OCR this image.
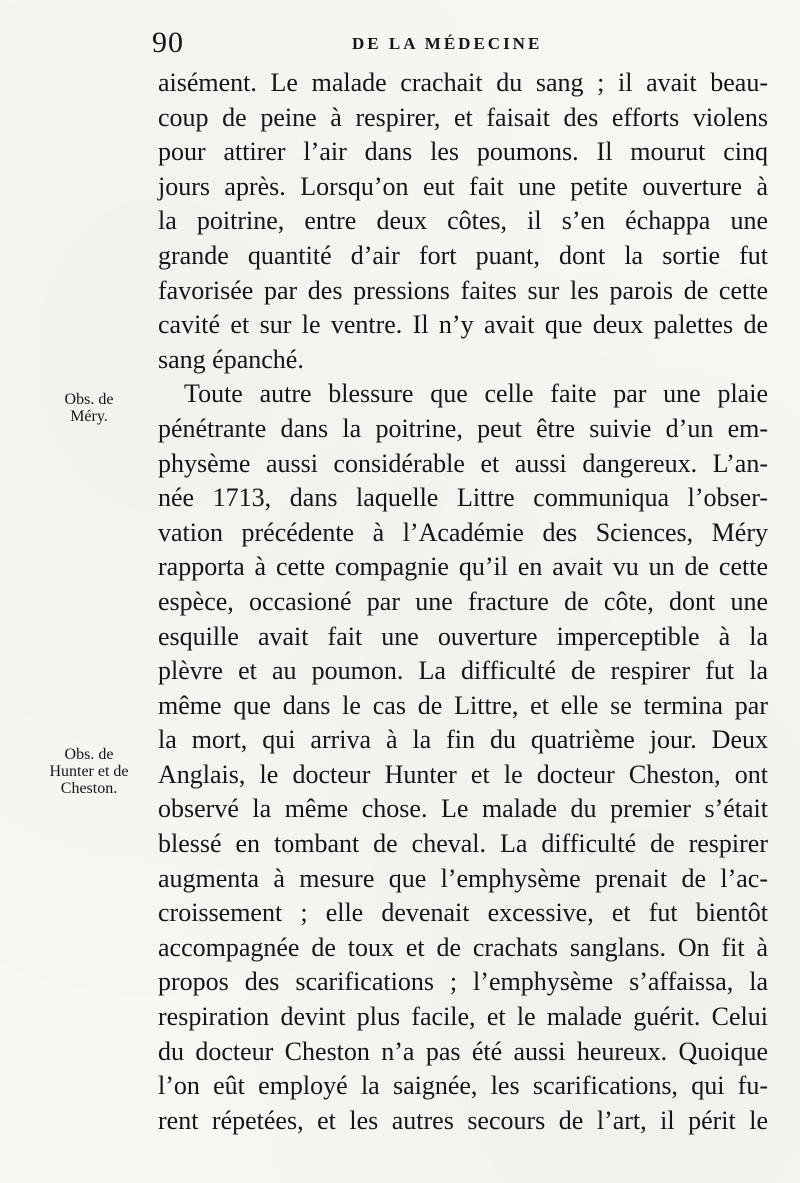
90	DE LA MÉDECINE
Obs. de
Méry.
Obs. de
Hunter et de
Cheston.
aisément. Le malade crachait du sang ; il avait beau-
coup de peine à respirer, et faisait des efforts violens
pour attirer l’air dans les poumons. Il mourut cinq
jours après. Lorsqu’on eut fait une petite ouverture à
la poitrine, entre deux côtes, il s’en échappa une
grande quantité d’air fort puant, dont la sortie fut
favorisée par des pressions faites sur les parois de cette
cavité et sur le ventre. Il n’y avait que deux palettes de
sang épanché.
Toute autre blessure que celle faite par une plaie
pénétrante dans la poitrine, peut être suivie d’un em-
physème aussi considérable et aussi dangereux. L’an-
née 1713, dans laquelle Littre communiqua l’obser-
vation précédente à l’Académie des Sciences, Méry
rapporta à cette compagnie qu’il en avait vu un de cette
espèce, occasioné par une fracture de côte, dont une
esquille avait fait une ouverture imperceptible à la
plèvre et au poumon. La difficulté de respirer fut la
même que dans le cas de Littre, et elle se termina par
la mort, qui arriva à la fin du quatrième jour. Deux
Anglais, le docteur Hunter et le docteur Cheston, ont
observé la même chose. Le malade du premier s’était
blessé en tombant de cheval. La difficulté de respirer
augmenta à mesure que l’emphysème prenait de l’ac-
croissement ; elle devenait excessive, et fut bientôt
accompagnée de toux et de crachats sanglans. On fit à
propos des scarifications ; l’emphysème s’affaissa, la
respiration devint plus facile, et le malade guérit. Celui
du docteur Cheston n’a pas été aussi heureux. Quoique
l’on eût employé la saignée, les scarifications, qui fu-
rent répetées, et les autres secours de l’art, il périt le
